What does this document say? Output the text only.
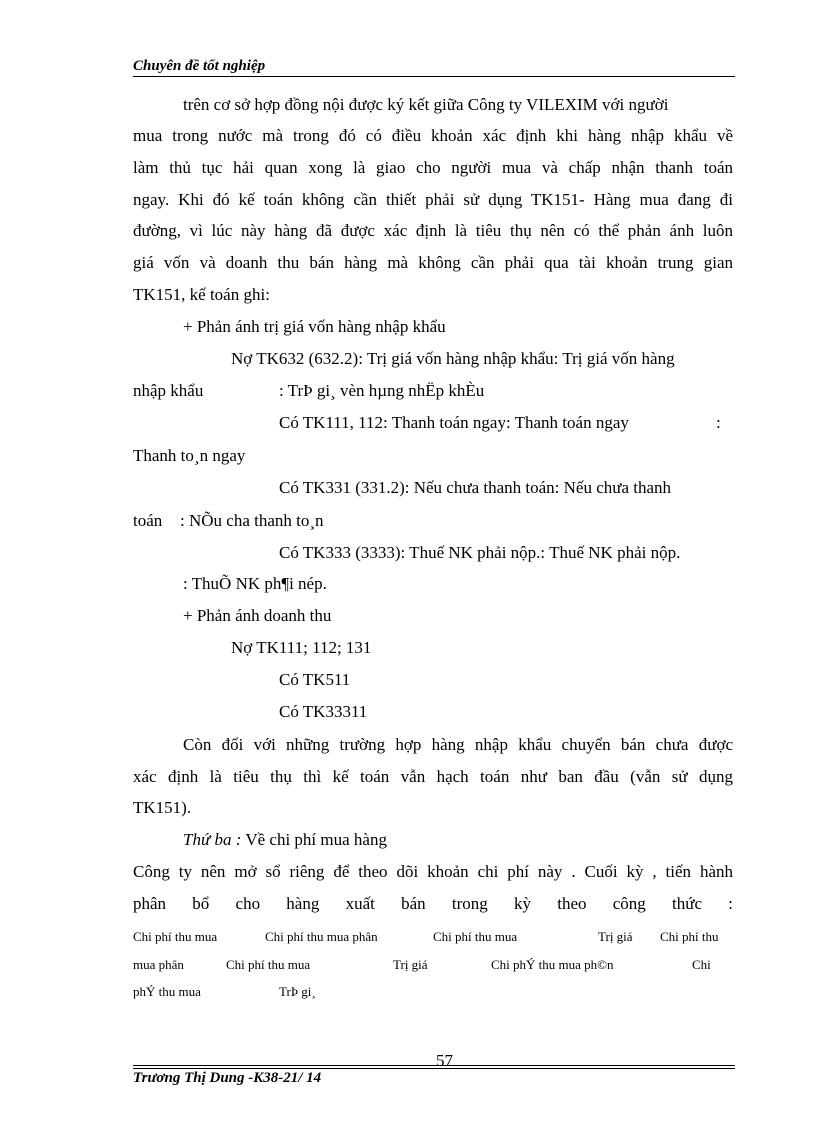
Chuyên đề tốt nghiệp
trên cơ sở hợp đồng nội được ký kết giữa Công ty VILEXIM với người
mua trong nước mà trong đó có điều khoản xác định khi hàng nhập khẩu về
làm thủ tục hải quan xong là giao cho người mua và chấp nhận thanh toán
ngay. Khi đó kế toán không cần thiết phải sử dụng TK151- Hàng mua đang đi
đường, vì lúc này hàng đã được xác định là tiêu thụ nên có thể phản ánh luôn
giá vốn và doanh thu bán hàng mà không cần phải qua tài khoản trung gian
TK151, kế toán ghi:
+ Phản ánh trị giá vốn hàng nhập khẩu
Nợ TK632 (632.2): Trị giá vốn hàng nhập khẩu: Trị giá vốn hàng
nhập khẩu	: TrÞ gi¸ vèn hµng nhËp khÈu
Có TK111, 112: Thanh toán ngay: Thanh toán ngay	:
Thanh to¸n ngay
Có TK331 (331.2): Nếu chưa thanh toán: Nếu chưa thanh
toán : NÕu cha thanh to¸n
Có TK333 (3333): Thuế NK phải nộp.: Thuế NK phải nộp.
: ThuÕ NK ph¶i nép.
+ Phản ánh doanh thu
Nợ TK111; 112; 131
Có TK511
Có TK33311
Còn đối với những trường hợp hàng nhập khẩu chuyển bán chưa được
xác định là tiêu thụ thì kế toán vẫn hạch toán như ban đầu (vẫn sử dụng
TK151).
Thứ ba : Về chi phí mua hàng
Công ty nên mở sổ riêng để theo dõi khoản chi phí này . Cuối kỳ , tiến hành
phân bổ cho hàng xuất bán trong kỳ theo công thức :
Chi phí thu mua	Chi phí thu mua phân	Chi phí thu mua	Trị giá Chi phí thu
mua phân	Chi phí thu mua	Trị giá	Chi phÝ thu mua ph©n	Chi
phÝ thu mua	TrÞ gi¸
57
Trương Thị Dung -K38-21/ 14
